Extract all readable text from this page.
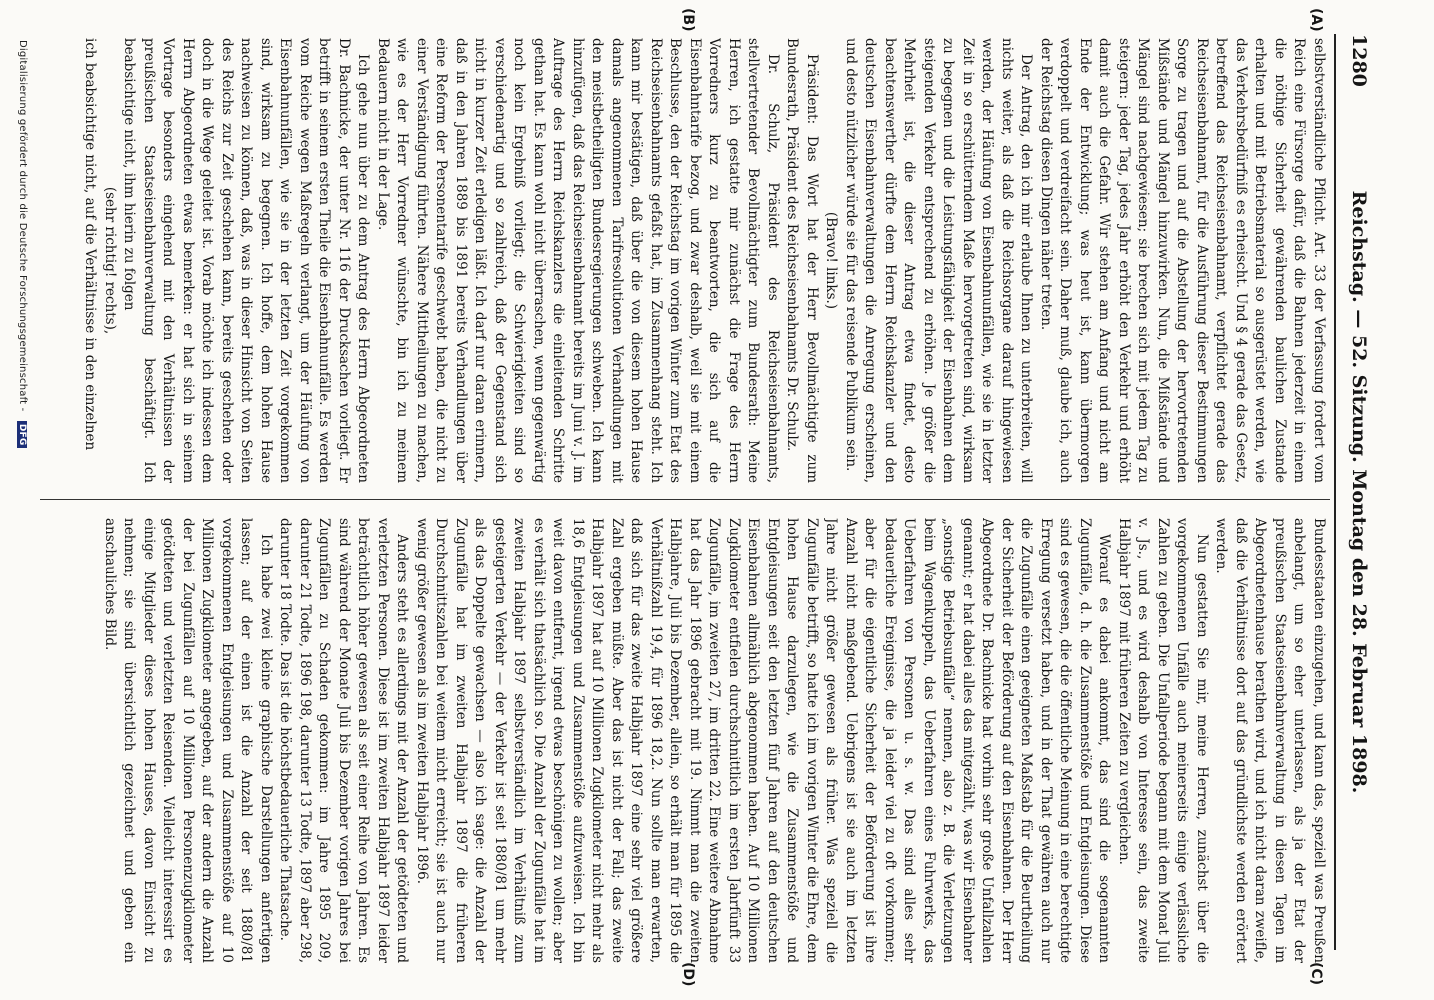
1280
Reichstag. — 52. Sitzung. Montag den 28. Februar 1898.
(A)
(B)
(C)
(D)

selbstverständliche Pflicht. Art. 33 der Verfassung fordert vom Reich eine Fürsorge dafür, daß die Bahnen jederzeit in einem die nöthige Sicherheit gewährenden baulichen Zustande erhalten und mit Betriebsmaterial so ausgerüstet werden, wie das Verkehrsbedürfniß es erheischt. Und § 4 gerade das Gesetz, betreffend das Reichseisenbahnamt, verpflichtet gerade das Reichseisenbahnamt, für die Ausführung dieser Bestimmungen Sorge zu tragen und auf die Abstellung der hervortretenden Mißstände und Mängel hinzuwirken. Nun, die Mißstände und Mängel sind nachgewiesen; sie brechen sich mit jedem Tag zu steigern: jeder Tag, jedes Jahr erhöht den Verkehr und erhöht damit auch die Gefahr. Wir stehen am Anfang und nicht am Ende der Entwicklung; was heut ist, kann übermorgen verdoppelt und verdreifacht sein. Daher muß, glaube ich, auch der Reichstag diesen Dingen näher treten.

Der Antrag, den ich mir erlaube Ihnen zu unterbreiten, will nichts weiter, als daß die Reichsorgane darauf hingewiesen werden, der Häufung von Eisenbahnunfällen, wie sie in letzter Zeit in so erschütterndem Maße hervorgetreten sind, wirksam zu begegnen und die Leistungsfähigkeit der Eisenbahnen dem steigenden Verkehr entsprechend zu erhöhen. Je größer die Mehrheit ist, die dieser Antrag etwa findet, desto beachtenswerther dürfte dem Herrn Reichskanzler und den deutschen Eisenbahnverwaltungen die Anregung erscheinen, und desto nützlicher würde sie für das reisende Publikum sein.

(Bravo! links.)

Präsident: Das Wort hat der Herr Bevollmächtigte zum Bundesrath, Präsident des Reichseisenbahnamts Dr. Schulz.

Dr. Schulz, Präsident des Reichseisenbahnamts, stellvertretender Bevollmächtigter zum Bundesrath: Meine Herren, ich gestatte mir zunächst die Frage des Herrn Vorredners kurz zu beantworten, die sich auf die Eisenbahntarife bezog, und zwar deshalb, weil sie mit einem Beschlusse, den der Reichstag im vorigen Winter zum Etat des Reichseisenbahnamts gefaßt hat, im Zusammenhang steht. Ich kann mir bestätigen, daß über die von diesem hohen Hause damals angenommenen Tarifresolutionen Verhandlungen mit den meistbetheiligten Bundesregierungen schweben. Ich kann hinzufügen, daß das Reichseisenbahnamt bereits im Juni v. J. im Auftrage des Herrn Reichskanzlers die einleitenden Schritte gethan hat. Es kann wohl nicht überraschen, wenn gegenwärtig noch kein Ergebniß vorliegt; die Schwierigkeiten sind so verschiedenartig und so zahlreich, daß der Gegenstand sich nicht in kurzer Zeit erledigen läßt. Ich darf nur daran erinnern, daß in den Jahren 1889 bis 1891 bereits Verhandlungen über eine Reform der Personentarife geschwebt haben, die nicht zu einer Verständigung führten. Nähere Mittheilungen zu machen, wie es der Herr Vorredner wünschte, bin ich zu meinem Bedauern nicht in der Lage.

Ich gehe nun über zu dem Antrag des Herrn Abgeordneten Dr. Bachnicke, der unter Nr. 116 der Drucksachen vorliegt. Er betrifft in seinem ersten Theile die Eisenbahnunfälle. Es werden vom Reiche wegen Maßregeln verlangt, um der Häufung von Eisenbahnunfällen, wie sie in der letzten Zeit vorgekommen sind, wirksam zu begegnen. Ich hoffe, dem hohen Hause nachweisen zu können, daß, was in dieser Hinsicht von Seiten des Reichs zur Zeit geschehen kann, bereits geschehen oder doch in die Wege geleitet ist. Vorab möchte ich indessen dem Herrn Abgeordneten etwas bemerken: er hat sich in seinem Vortrage besonders eingehend mit den Verhältnissen der preußischen Staatseisenbahnverwaltung beschäftigt. Ich beabsichtige nicht, ihm hierin zu folgen

(sehr richtig! rechts),

ich beabsichtige nicht, auf die Verhältnisse in den einzelnen

Bundesstaaten einzugehen, und kann das, speziell was Preußen anbelangt, um so eher unterlassen, als ja der Etat der preußischen Staatseisenbahnverwaltung in diesen Tagen im Abgeordnetenhause berathen wird, und ich nicht daran zweifle, daß die Verhältnisse dort auf das gründlichste werden erörtert werden.

Nun gestatten Sie mir, meine Herren, zunächst über die vorgekommenen Unfälle auch meinerseits einige verlässliche Zahlen zu geben. Die Unfallperiode begann mit dem Monat Juli v. Js., und es wird deshalb von Interesse sein, das zweite Halbjahr 1897 mit früheren Zeiten zu vergleichen.

Worauf es dabei ankommt, das sind die sogenannten Zugunfälle, d. h. die Zusammenstöße und Entgleisungen. Diese sind es gewesen, die die öffentliche Meinung in eine berechtigte Erregung versetzt haben, und in der That gewähren auch nur die Zugunfälle einen geeigneten Maßstab für die Beurtheilung der Sicherheit der Beförderung auf den Eisenbahnen. Der Herr Abgeordnete Dr. Bachnicke hat vorhin sehr große Unfallzahlen genannt; er hat dabei alles das mitgezählt, was wir Eisenbahner „sonstige Betriebsunfälle“ nennen, also z. B. die Verletzungen beim Wagenkuppeln, das Ueberfahren eines Fuhrwerks, das Ueberfahren von Personen u. s. w. Das sind alles sehr bedauerliche Ereignisse, die ja leider viel zu oft vorkommen; aber für die eigentliche Sicherheit der Beförderung ist ihre Anzahl nicht maßgebend. Uebrigens ist sie auch im letzten Jahre nicht größer gewesen als früher. Was speziell die Zugunfälle betrifft, so hatte ich im vorigen Winter die Ehre, dem hohen Hause darzulegen, wie die Zusammenstöße und Entgleisungen seit den letzten fünf Jahren auf den deutschen Eisenbahnen allmählich abgenommen haben. Auf 10 Millionen Zugkilometer entfielen durchschnittlich im ersten Jahrfünft 33 Zugunfälle, im zweiten 27, im dritten 22. Eine weitere Abnahme hat das Jahr 1896 gebracht mit 19. Nimmt man die zweiten Halbjahre, Juli bis Dezember, allein, so erhält man für 1895 die Verhältnißzahl 19,4, für 1896 18,2. Nun sollte man erwarten, daß sich für das zweite Halbjahr 1897 eine sehr viel größere Zahl ergeben müßte. Aber das ist nicht der Fall; das zweite Halbjahr 1897 hat auf 10 Millionen Zugkilometer nicht mehr als 18,6 Entgleisungen und Zusammenstöße aufzuweisen. Ich bin weit davon entfernt, irgend etwas beschönigen zu wollen; aber es verhält sich thatsächlich so. Die Anzahl der Zugunfälle hat im zweiten Halbjahr 1897 selbstverständlich im Verhältniß zum gesteigerten Verkehr — der Verkehr ist seit 1880/81 um mehr als das Doppelte gewachsen — also ich sage: die Anzahl der Zugunfälle hat im zweiten Halbjahr 1897 die früheren Durchschnittszahlen bei weitem nicht erreicht; sie ist auch nur wenig größer gewesen als im zweiten Halbjahr 1896.

Anders steht es allerdings mit der Anzahl der getödteten und verletzten Personen. Diese ist im zweiten Halbjahr 1897 leider beträchtlich höher gewesen als seit einer Reihe von Jahren. Es sind während der Monate Juli bis Dezember vorigen Jahres bei Zugunfällen zu Schaden gekommen: im Jahre 1895 209, darunter 21 Todte, 1896 198, darunter 13 Todte, 1897 aber 298, darunter 18 Todte. Das ist die höchstbedauerliche Thatsache.

Ich habe zwei kleine graphische Darstellungen anfertigen lassen; auf der einen ist die Anzahl der seit 1880/81 vorgekommenen Entgleisungen und Zusammenstöße auf 10 Millionen Zugkilometer angegeben, auf der andern die Anzahl der bei Zugunfällen auf 10 Millionen Personenzugkilometer getödteten und verletzten Reisenden. Vielleicht interessirt es einige Mitglieder dieses hohen Hauses, davon Einsicht zu nehmen; sie sind übersichtlich gezeichnet und geben ein anschauliches Bild.

Digitalisierung gefördert durch die Deutsche Forschungsgemeinschaft - DFG
